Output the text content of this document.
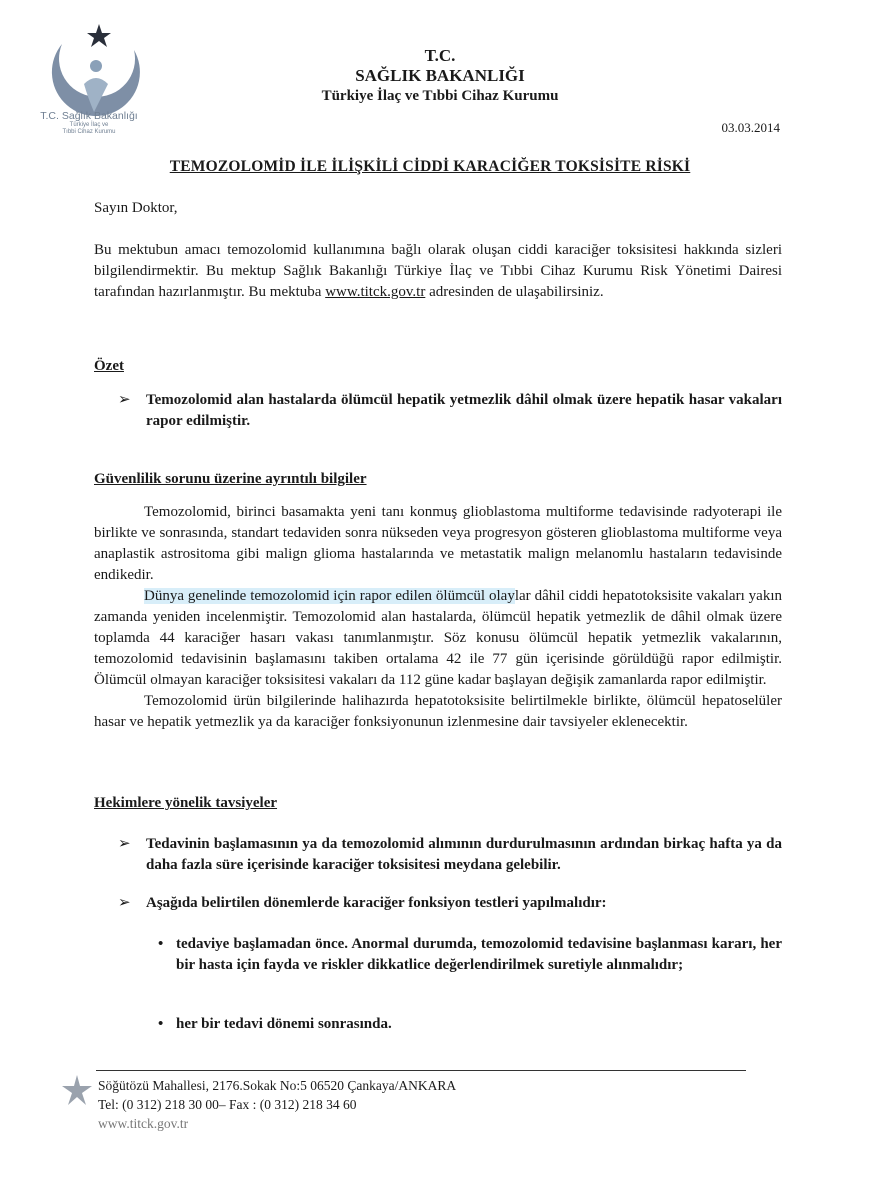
T.C. Sağlık Bakanlığı
Türkiye İlaç ve
Tıbbi Cihaz Kurumu
T.C.
SAĞLIK BAKANLIĞI
Türkiye İlaç ve Tıbbi Cihaz Kurumu
03.03.2014
TEMOZOLOMİD İLE İLİŞKİLİ CİDDİ KARACİĞER TOKSİSİTE RİSKİ

Sayın Doktor,

Bu mektubun amacı temozolomid kullanımına bağlı olarak oluşan ciddi karaciğer toksisitesi hakkında sizleri bilgilendirmektir. Bu mektup Sağlık Bakanlığı Türkiye İlaç ve Tıbbi Cihaz Kurumu Risk Yönetimi Dairesi tarafından hazırlanmıştır. Bu mektuba www.titck.gov.tr adresinden de ulaşabilirsiniz.

Özet
➢ Temozolomid alan hastalarda ölümcül hepatik yetmezlik dâhil olmak üzere hepatik hasar vakaları rapor edilmiştir.
Güvenlilik sorunu üzerine ayrıntılı bilgiler

Temozolomid, birinci basamakta yeni tanı konmuş glioblastoma multiforme tedavisinde radyoterapi ile birlikte ve sonrasında, standart tedaviden sonra nükseden veya progresyon gösteren glioblastoma multiforme veya anaplastik astrositoma gibi malign glioma hastalarında ve metastatik malign melanomlu hastaların tedavisinde endikedir.

Dünya genelinde temozolomid için rapor edilen ölümcül olaylar dâhil ciddi hepatotoksisite vakaları yakın zamanda yeniden incelenmiştir. Temozolomid alan hastalarda, ölümcül hepatik yetmezlik de dâhil olmak üzere toplamda 44 karaciğer hasarı vakası tanımlanmıştır. Söz konusu ölümcül hepatik yetmezlik vakalarının, temozolomid tedavisinin başlamasını takiben ortalama 42 ile 77 gün içerisinde görüldüğü rapor edilmiştir. Ölümcül olmayan karaciğer toksisitesi vakaları da 112 güne kadar başlayan değişik zamanlarda rapor edilmiştir.

Temozolomid ürün bilgilerinde halihazırda hepatotoksisite belirtilmekle birlikte, ölümcül hepatoselüler hasar ve hepatik yetmezlik ya da karaciğer fonksiyonunun izlenmesine dair tavsiyeler eklenecektir.

Hekimlere yönelik tavsiyeler
➢ Tedavinin başlamasının ya da temozolomid alımının durdurulmasının ardından birkaç hafta ya da daha fazla süre içerisinde karaciğer toksisitesi meydana gelebilir.
➢ Aşağıda belirtilen dönemlerde karaciğer fonksiyon testleri yapılmalıdır:
• tedaviye başlamadan önce. Anormal durumda, temozolomid tedavisine başlanması kararı, her bir hasta için fayda ve riskler dikkatlice değerlendirilmek suretiyle alınmalıdır;
• her bir tedavi dönemi sonrasında.
Söğütözü Mahallesi, 2176.Sokak No:5 06520 Çankaya/ANKARA
Tel: (0 312) 218 30 00– Fax : (0 312) 218 34 60
www.titck.gov.tr
